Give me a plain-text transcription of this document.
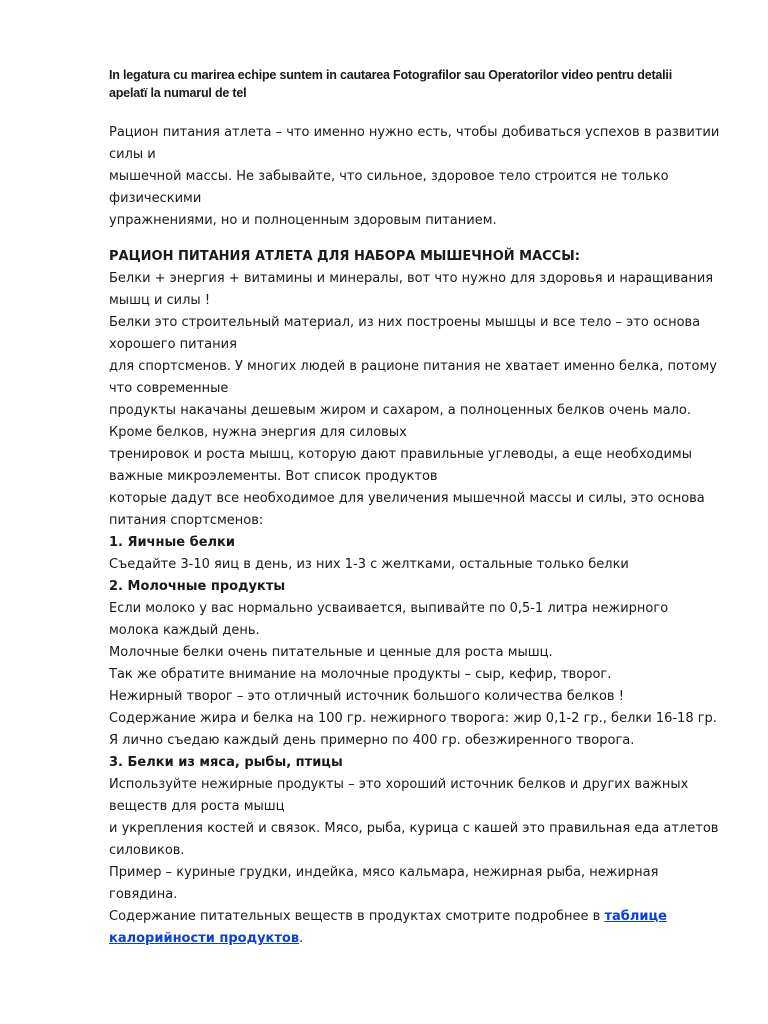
In legatura cu marirea echipe suntem in cautarea Fotografilor sau Operatorilor video pentru detalii
apelatï la numarul de tel
Рацион питания атлета – что именно нужно есть, чтобы добиваться успехов в развитии
силы и
мышечной массы. Не забывайте, что сильное, здоровое тело строится не только
физическими
упражнениями, но и полноценным здоровым питанием.
РАЦИОН ПИТАНИЯ АТЛЕТА ДЛЯ НАБОРА МЫШЕЧНОЙ МАССЫ:
Белки + энергия + витамины и минералы, вот что нужно для здоровья и наращивания
мышц и силы !
Белки это строительный материал, из них построены мышцы и все тело – это основа
хорошего питания
для спортсменов. У многих людей в рационе питания не хватает именно белка, потому
что современные
продукты накачаны дешевым жиром и сахаром, а полноценных белков очень мало.
Кроме белков, нужна энергия для силовых
тренировок и роста мышц, которую дают правильные углеводы, а еще необходимы
важные микроэлементы. Вот список продуктов
которые дадут все необходимое для увеличения мышечной массы и силы, это основа
питания спортсменов:
1. Яичные белки
Съедайте 3-10 яиц в день, из них 1-3 с желтками, остальные только белки
2. Молочные продукты
Если молоко у вас нормально усваивается, выпивайте по 0,5-1 литра нежирного
молока каждый день.
Молочные белки очень питательные и ценные для роста мышц.
Так же обратите внимание на молочные продукты – сыр, кефир, творог.
Нежирный творог – это отличный источник большого количества белков !
Содержание жира и белка на 100 гр. нежирного творога: жир 0,1-2 гр., белки 16-18 гр.
Я лично съедаю каждый день примерно по 400 гр. обезжиренного творога.
3. Белки из мяса, рыбы, птицы
Используйте нежирные продукты – это хороший источник белков и других важных
веществ для роста мышц
и укрепления костей и связок. Мясо, рыба, курица с кашей это правильная еда атлетов
силовиков.
Пример – куриные грудки, индейка, мясо кальмара, нежирная рыба, нежирная
говядина.
Содержание питательных веществ в продуктах смотрите подробнее в таблице
калорийности продуктов.
